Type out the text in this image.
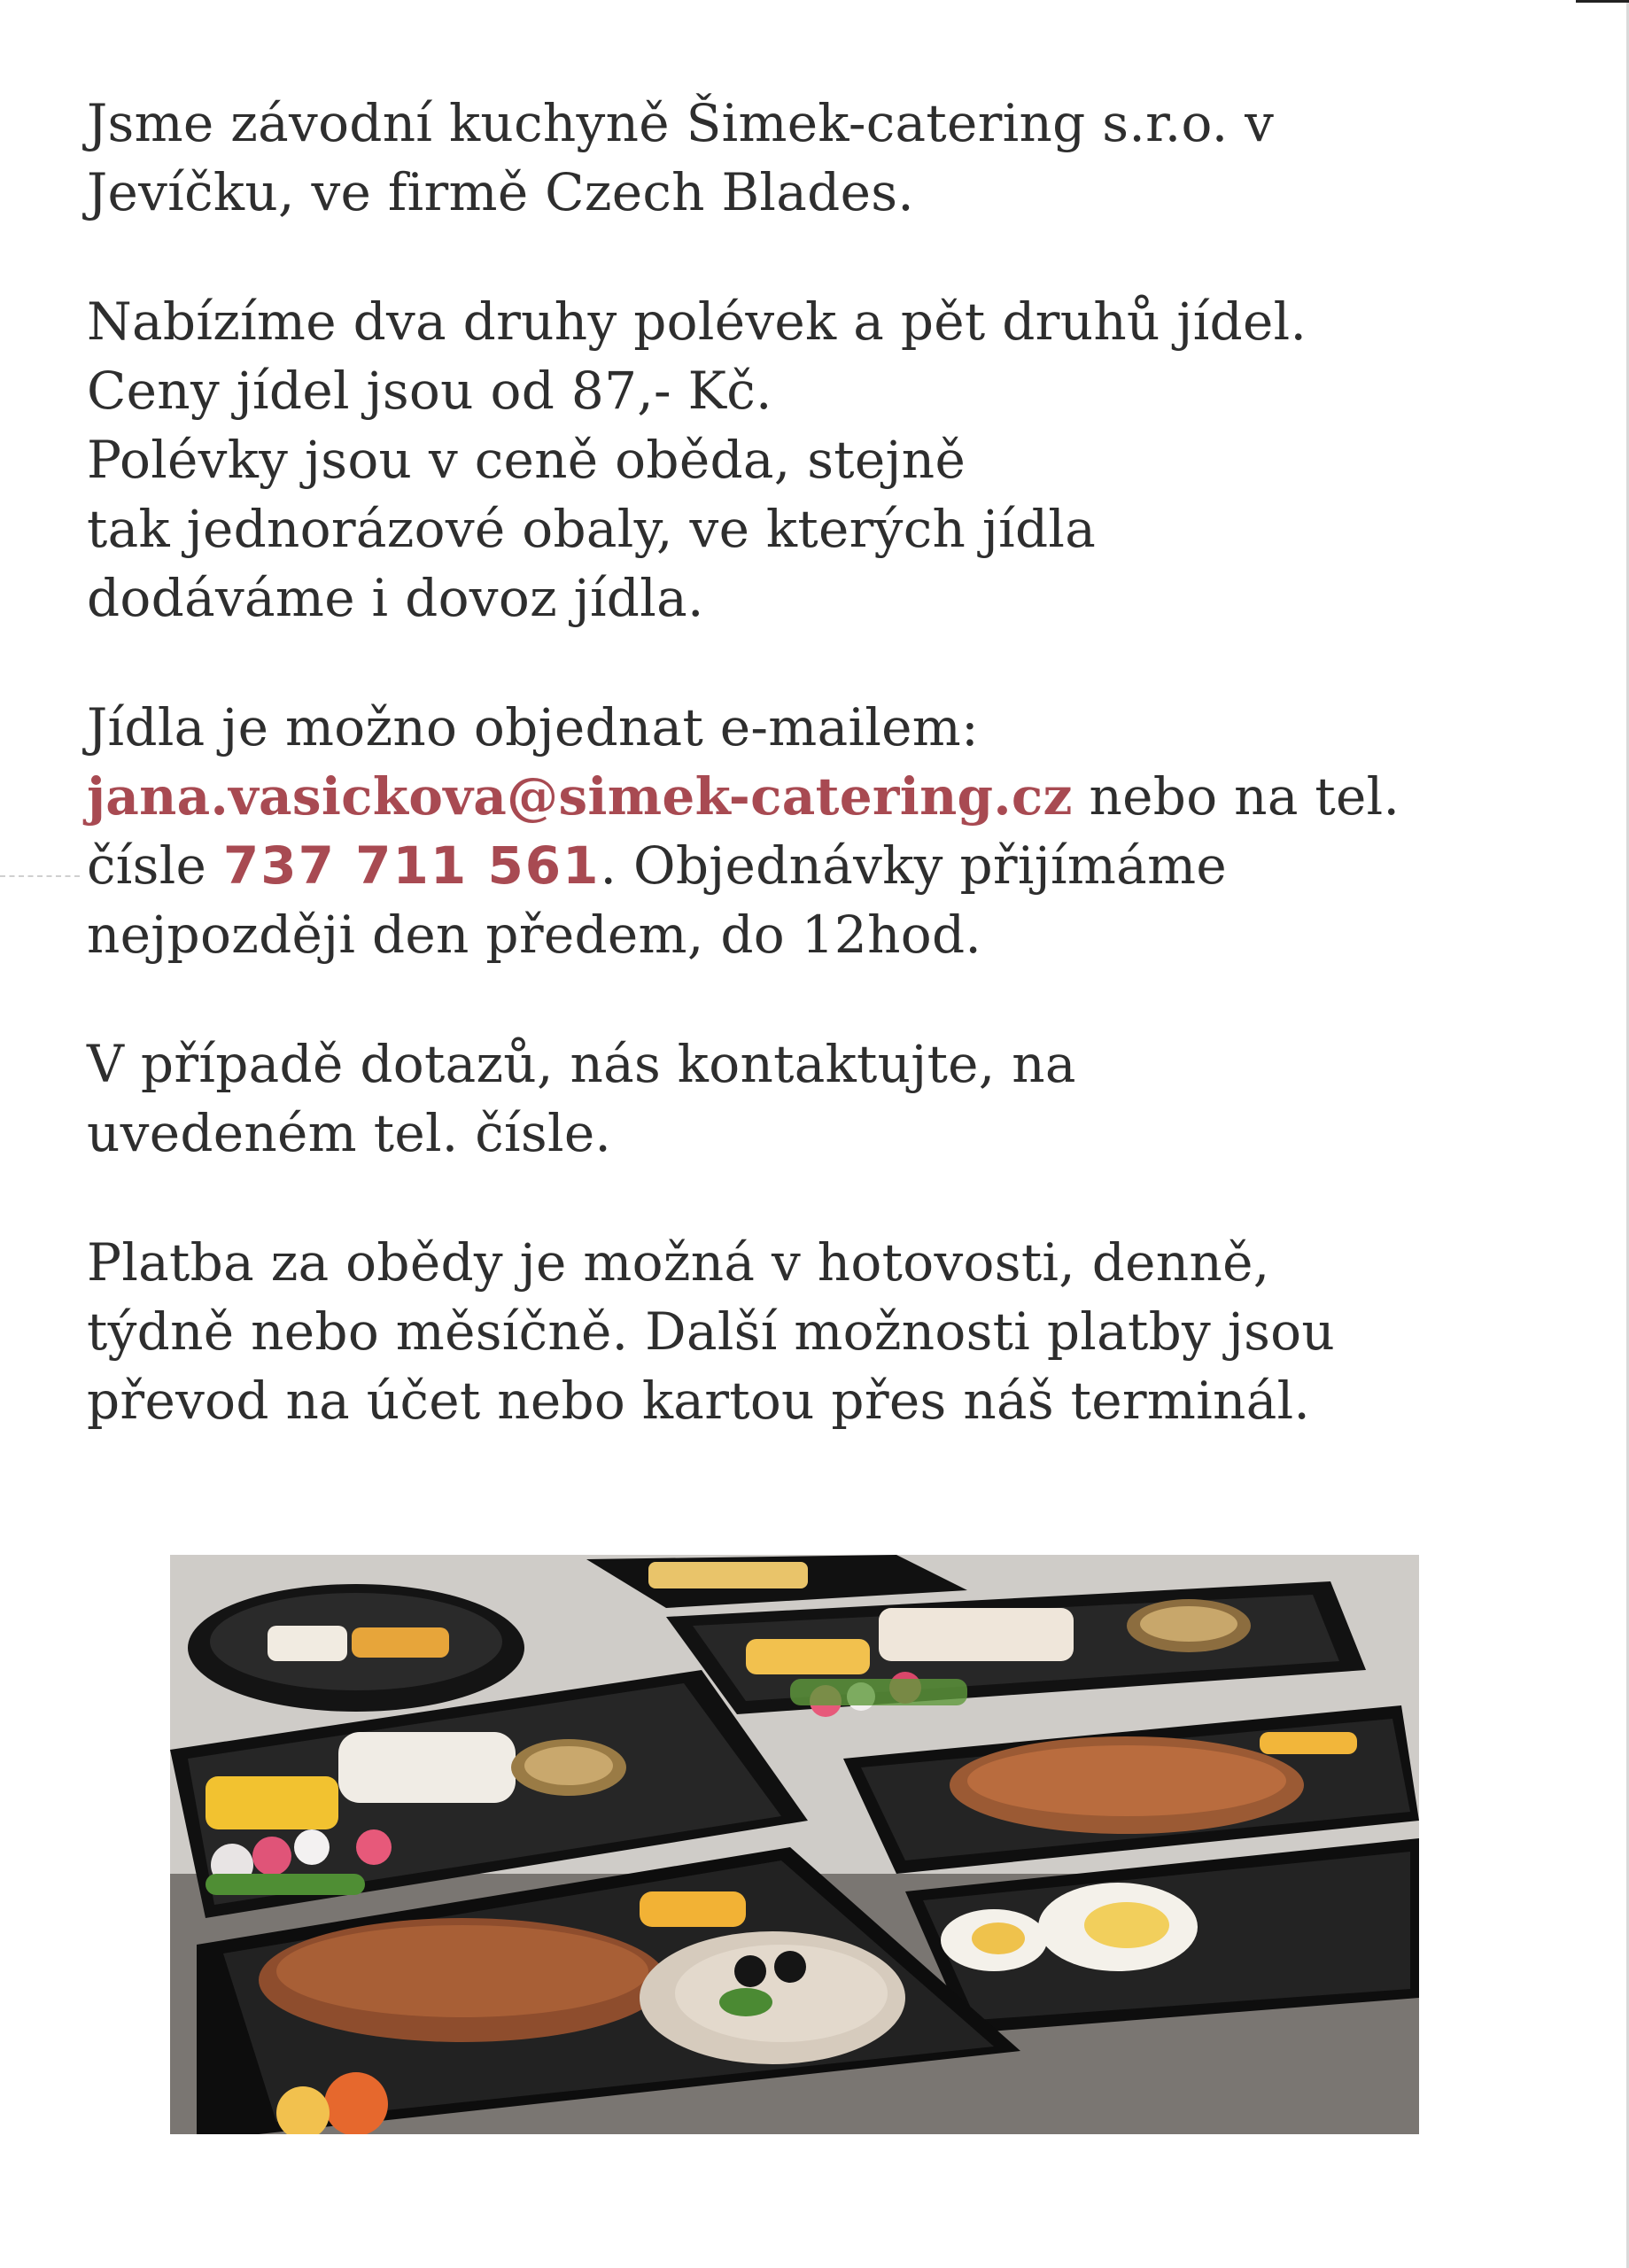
Jsme závodní kuchyně Šimek-catering s.r.o. v
Jevíčku, ve firmě Czech Blades.

Nabízíme dva druhy polévek a pět druhů jídel.
Ceny jídel jsou od 87,- Kč.
Polévky jsou v ceně oběda, stejně
tak jednorázové obaly, ve kterých jídla
dodáváme i dovoz jídla.

Jídla je možno objednat e-mailem:
jana.vasickova@simek-catering.cz nebo na tel.
čísle 737 711 561. Objednávky přijímáme
nejpozději den předem, do 12hod.

V případě dotazů, nás kontaktujte, na
uvedeném tel. čísle.

Platba za obědy je možná v hotovosti, denně,
týdně nebo měsíčně. Další možnosti platby jsou
převod na účet nebo kartou přes náš terminál.
